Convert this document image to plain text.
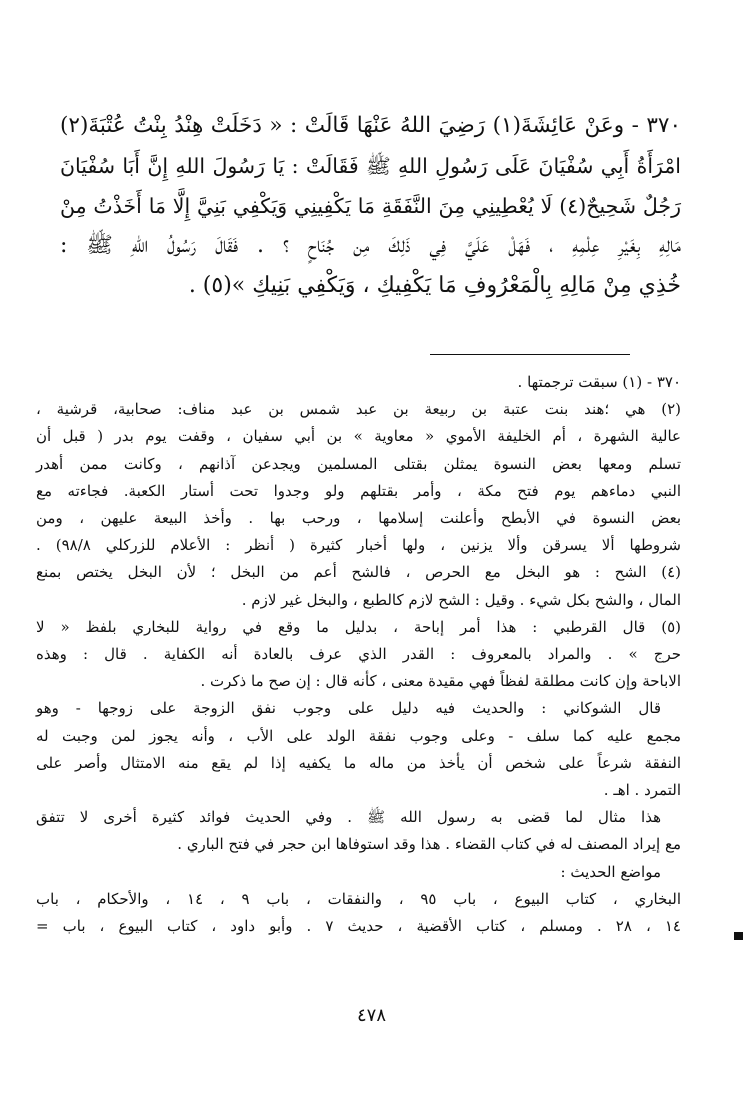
٣٧٠ - وعَنْ عَائِشَةَ(١) رَضِيَ اللهُ عَنْهَا قَالَتْ : « دَخَلَتْ هِنْدُ بِنْتُ عُتْبَةَ(٢)
امْرَأَةُ أَبِي سُفْيَانَ عَلَى رَسُولِ اللهِ ﷺ فَقَالَتْ : يَا رَسُولَ اللهِ إِنَّ أَبَا سُفْيَانَ
رَجُلٌ شَحِيحٌ(٤) لَا يُعْطِينِي مِنَ النَّفَقَةِ مَا يَكْفِينِي وَيَكْفِي بَنِيَّ إِلَّا مَا أَخَذْتُ مِنْ
مَالِهِ بِغَيْرِ عِلْمِهِ ، فَهَلْ عَلَيَّ فِي ذَلِكَ مِن جُنَاحٍ ؟ . فَقَالَ رَسُولُ اللهِ ﷺ :
خُذِي مِنْ مَالِهِ بِالْمَعْرُوفِ مَا يَكْفِيكِ ، وَيَكْفِي بَنِيكِ »(٥) .
٣٧٠ - (١) سبقت ترجمتها .
(٢) هي ؛هند بنت عتبة بن ربيعة بن عبد شمس بن عبد مناف: صحابية، قرشية ،
عالية الشهرة ، أم الخليفة الأموي « معاوية » بن أبي سفيان ، وقفت يوم بدر ( قبل أن
تسلم ومعها بعض النسوة يمثلن بقتلى المسلمين ويجدعن آذانهم ، وكانت ممن أهدر
النبي دماءهم يوم فتح مكة ، وأمر بقتلهم ولو وجدوا تحت أستار الكعبة. فجاءته مع
بعض النسوة في الأبطح وأعلنت إسلامها ، ورحب بها . وأخذ البيعة عليهن ، ومن
شروطها ألا يسرقن وألا يزنين ، ولها أخبار كثيرة ( أنظر : الأعلام للزركلي ٩٨/٨) .
(٤) الشح : هو البخل مع الحرص ، فالشح أعم من البخل ؛ لأن البخل يختص بمنع
المال ، والشح بكل شيء . وقيل : الشح لازم كالطبع ، والبخل غير لازم .
(٥) قال القرطبي : هذا أمر إباحة ، بدليل ما وقع في رواية للبخاري بلفظ « لا
حرج » . والمراد بالمعروف : القدر الذي عرف بالعادة أنه الكفاية . قال : وهذه
الاباحة وإن كانت مطلقة لفظاً فهي مقيدة معنى ، كأنه قال : إن صح ما ذكرت .
قال الشوكاني : والحديث فيه دليل على وجوب نفق الزوجة على زوجها - وهو
مجمع عليه كما سلف - وعلى وجوب نفقة الولد على الأب ، وأنه يجوز لمن وجبت له
النفقة شرعاً على شخص أن يأخذ من ماله ما يكفيه إذا لم يقع منه الامتثال وأصر على
التمرد . اهـ .
هذا مثال لما قضى به رسول الله ﷺ . وفي الحديث فوائد كثيرة أخرى لا تتفق
مع إيراد المصنف له في كتاب القضاء . هذا وقد استوفاها ابن حجر في فتح الباري .
مواضع الحديث :
البخاري ، كتاب البيوع ، باب ٩٥ ، والنفقات ، باب ٩ ، ١٤ ، والأحكام ، باب
١٤ ، ٢٨ . ومسلم ، كتاب الأقضية ، حديث ٧ . وأبو داود ، كتاب البيوع ، باب =
٤٧٨
